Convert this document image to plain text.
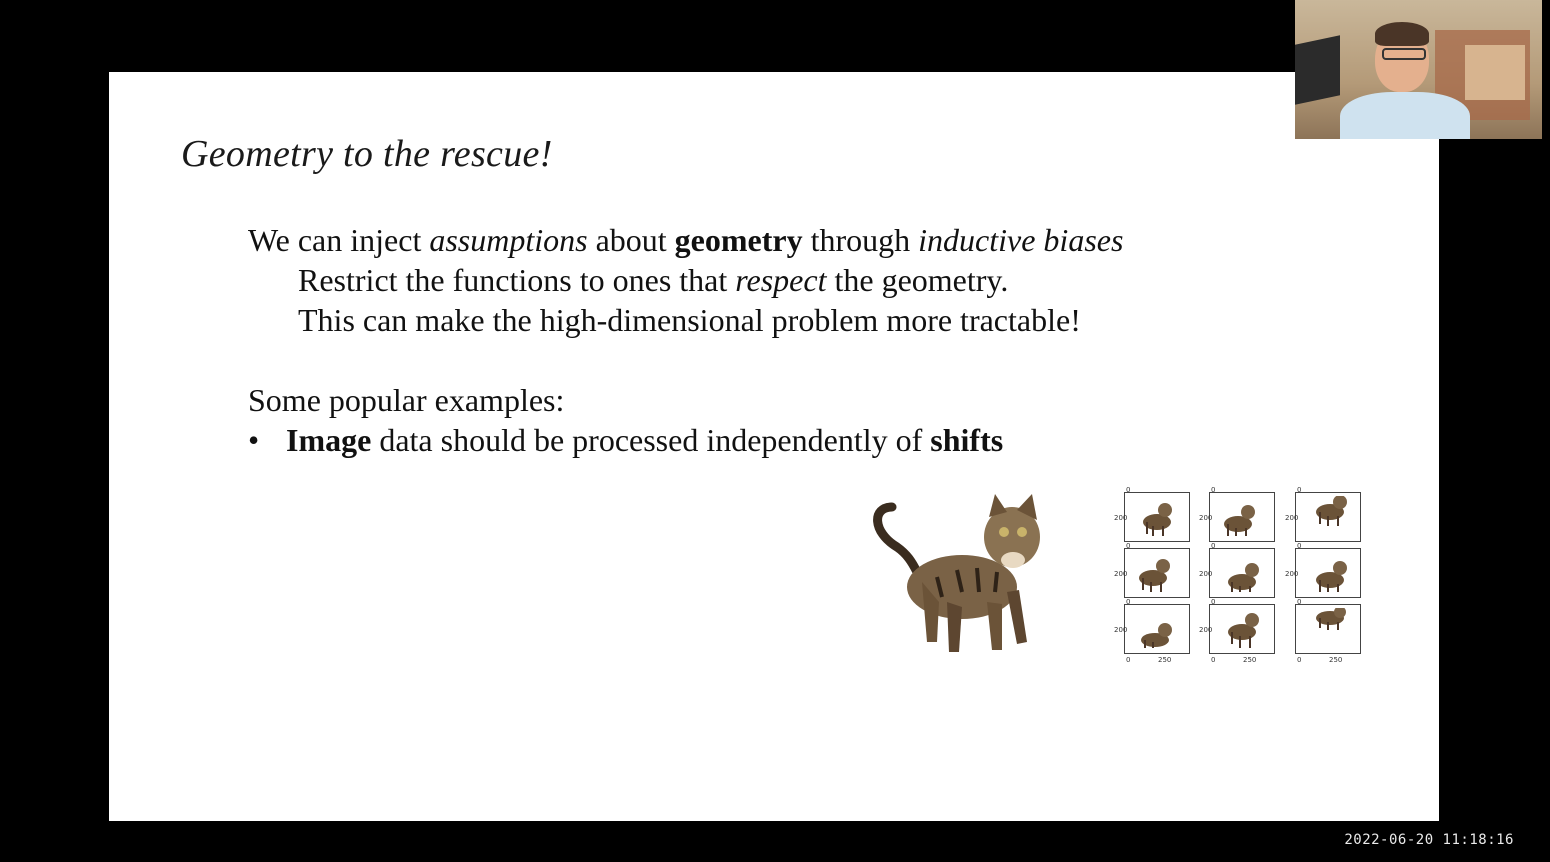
Geometry to the rescue!
We can inject assumptions about geometry through inductive biases
Restrict the functions to ones that respect the geometry.
This can make the high-dimensional problem more tractable!
Some popular examples:
• Image data should be processed independently of shifts
0
200
0
200
0
200
0
200
0
200
0
200
0
200
0
200
0
0	250	0	250	0	250
2022-06-20 11:18:16
